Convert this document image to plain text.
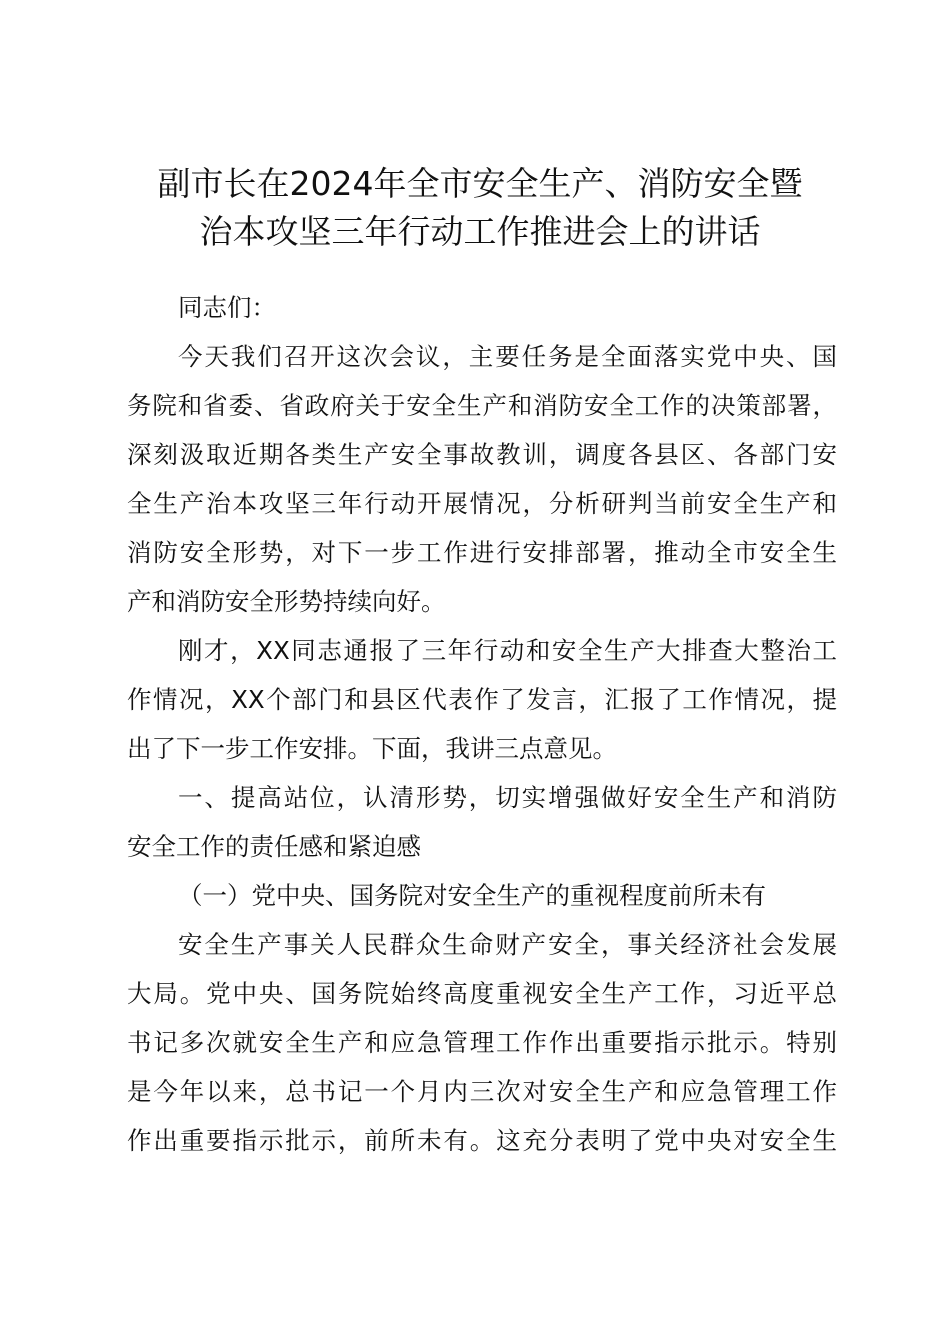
副市长在2024年全市安全生产、消防安全暨
治本攻坚三年行动工作推进会上的讲话
同志们：
今天我们召开这次会议，主要任务是全面落实党中央、国
务院和省委、省政府关于安全生产和消防安全工作的决策部署，
深刻汲取近期各类生产安全事故教训，调度各县区、各部门安
全生产治本攻坚三年行动开展情况，分析研判当前安全生产和
消防安全形势，对下一步工作进行安排部署，推动全市安全生
产和消防安全形势持续向好。
刚才，XX同志通报了三年行动和安全生产大排查大整治工
作情况，XX个部门和县区代表作了发言，汇报了工作情况，提
出了下一步工作安排。下面，我讲三点意见。
一、提高站位，认清形势，切实增强做好安全生产和消防
安全工作的责任感和紧迫感
（一）党中央、国务院对安全生产的重视程度前所未有
安全生产事关人民群众生命财产安全，事关经济社会发展
大局。党中央、国务院始终高度重视安全生产工作，习近平总
书记多次就安全生产和应急管理工作作出重要指示批示。特别
是今年以来，总书记一个月内三次对安全生产和应急管理工作
作出重要指示批示，前所未有。这充分表明了党中央对安全生
